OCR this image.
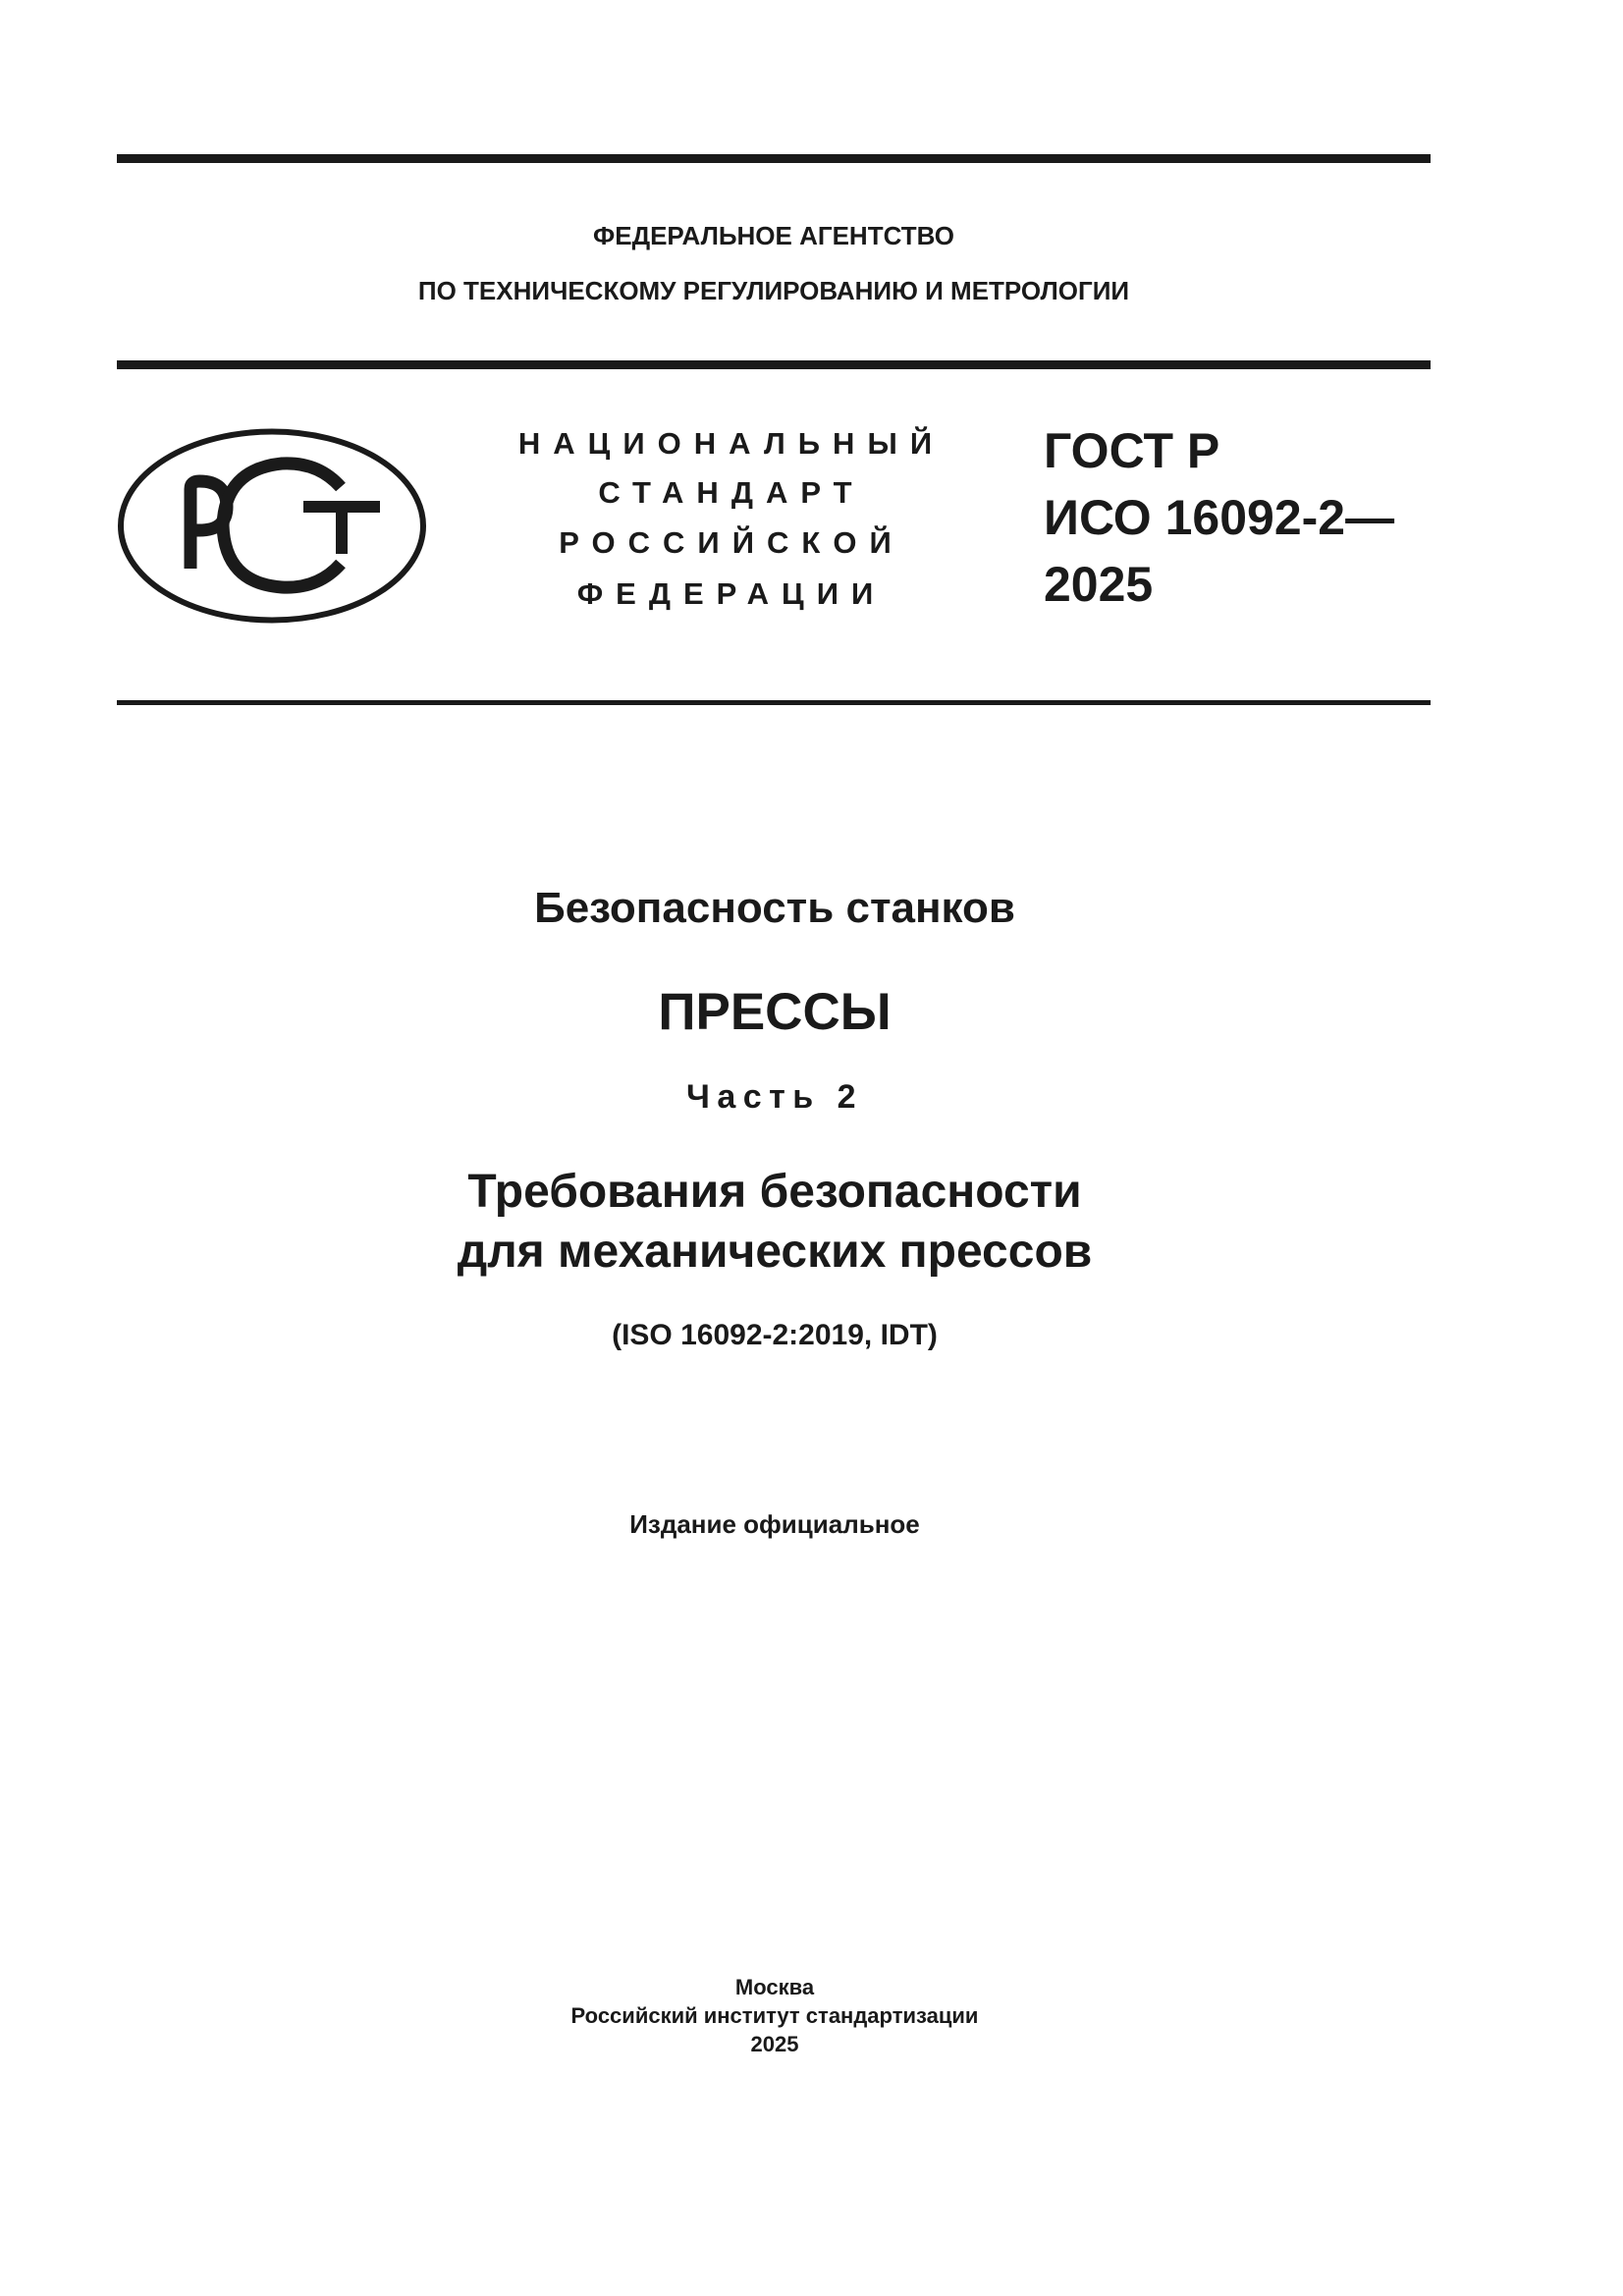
ФЕДЕРАЛЬНОЕ АГЕНТСТВО
ПО ТЕХНИЧЕСКОМУ РЕГУЛИРОВАНИЮ И МЕТРОЛОГИИ
НАЦИОНАЛЬНЫЙ
СТАНДАРТ
РОССИЙСКОЙ
ФЕДЕРАЦИИ
ГОСТ Р
ИСО 16092-2—
2025
Безопасность станков
ПРЕССЫ
Часть 2
Требования безопасности
для механических прессов
(ISO 16092-2:2019, IDT)
Издание официальное
Москва
Российский институт стандартизации
2025
